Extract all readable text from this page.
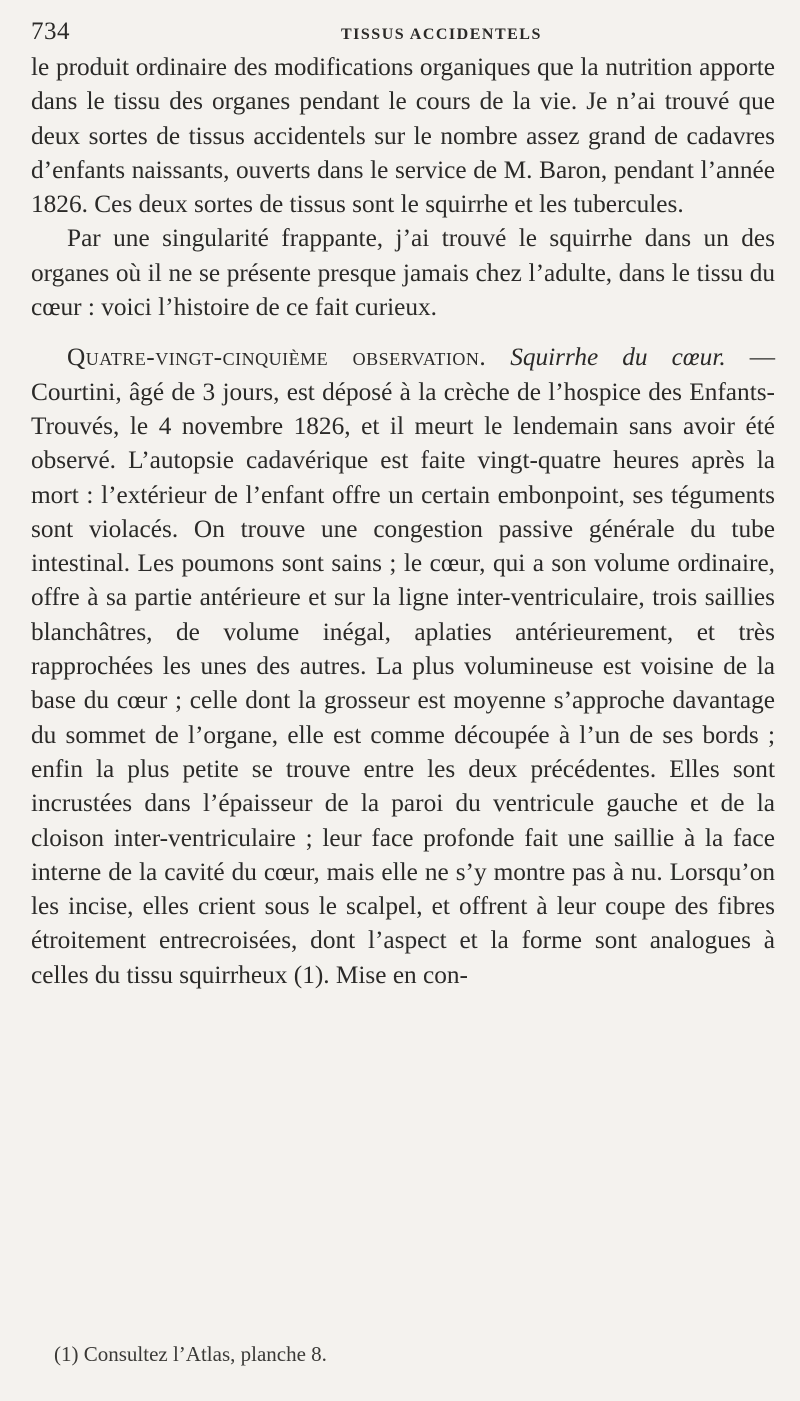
734	TISSUS ACCIDENTELS

le produit ordinaire des modifications organiques que la nutrition apporte dans le tissu des organes pendant le cours de la vie. Je n’ai trouvé que deux sortes de tissus accidentels sur le nombre assez grand de cadavres d’enfants naissants, ouverts dans le service de M. Baron, pendant l’année 1826. Ces deux sortes de tissus sont le squirrhe et les tubercules.

Par une singularité frappante, j’ai trouvé le squirrhe dans un des organes où il ne se présente presque jamais chez l’adulte, dans le tissu du cœur : voici l’histoire de ce fait curieux.

Quatre-vingt-cinquième observation. Squirrhe du cœur. — Courtini, âgé de 3 jours, est déposé à la crèche de l’hospice des Enfants-Trouvés, le 4 novembre 1826, et il meurt le lendemain sans avoir été observé. L’autopsie cadavérique est faite vingt-quatre heures après la mort : l’extérieur de l’enfant offre un certain embonpoint, ses téguments sont violacés. On trouve une congestion passive générale du tube intestinal. Les poumons sont sains ; le cœur, qui a son volume ordinaire, offre à sa partie antérieure et sur la ligne inter-ventriculaire, trois saillies blanchâtres, de volume inégal, aplaties antérieurement, et très rapprochées les unes des autres. La plus volumineuse est voisine de la base du cœur ; celle dont la grosseur est moyenne s’approche davantage du sommet de l’organe, elle est comme découpée à l’un de ses bords ; enfin la plus petite se trouve entre les deux précédentes. Elles sont incrustées dans l’épaisseur de la paroi du ventricule gauche et de la cloison inter-ventriculaire ; leur face profonde fait une saillie à la face interne de la cavité du cœur, mais elle ne s’y montre pas à nu. Lorsqu’on les incise, elles crient sous le scalpel, et offrent à leur coupe des fibres étroitement entrecroisées, dont l’aspect et la forme sont analogues à celles du tissu squirrheux (1). Mise en con-

(1) Consultez l’Atlas, planche 8.
